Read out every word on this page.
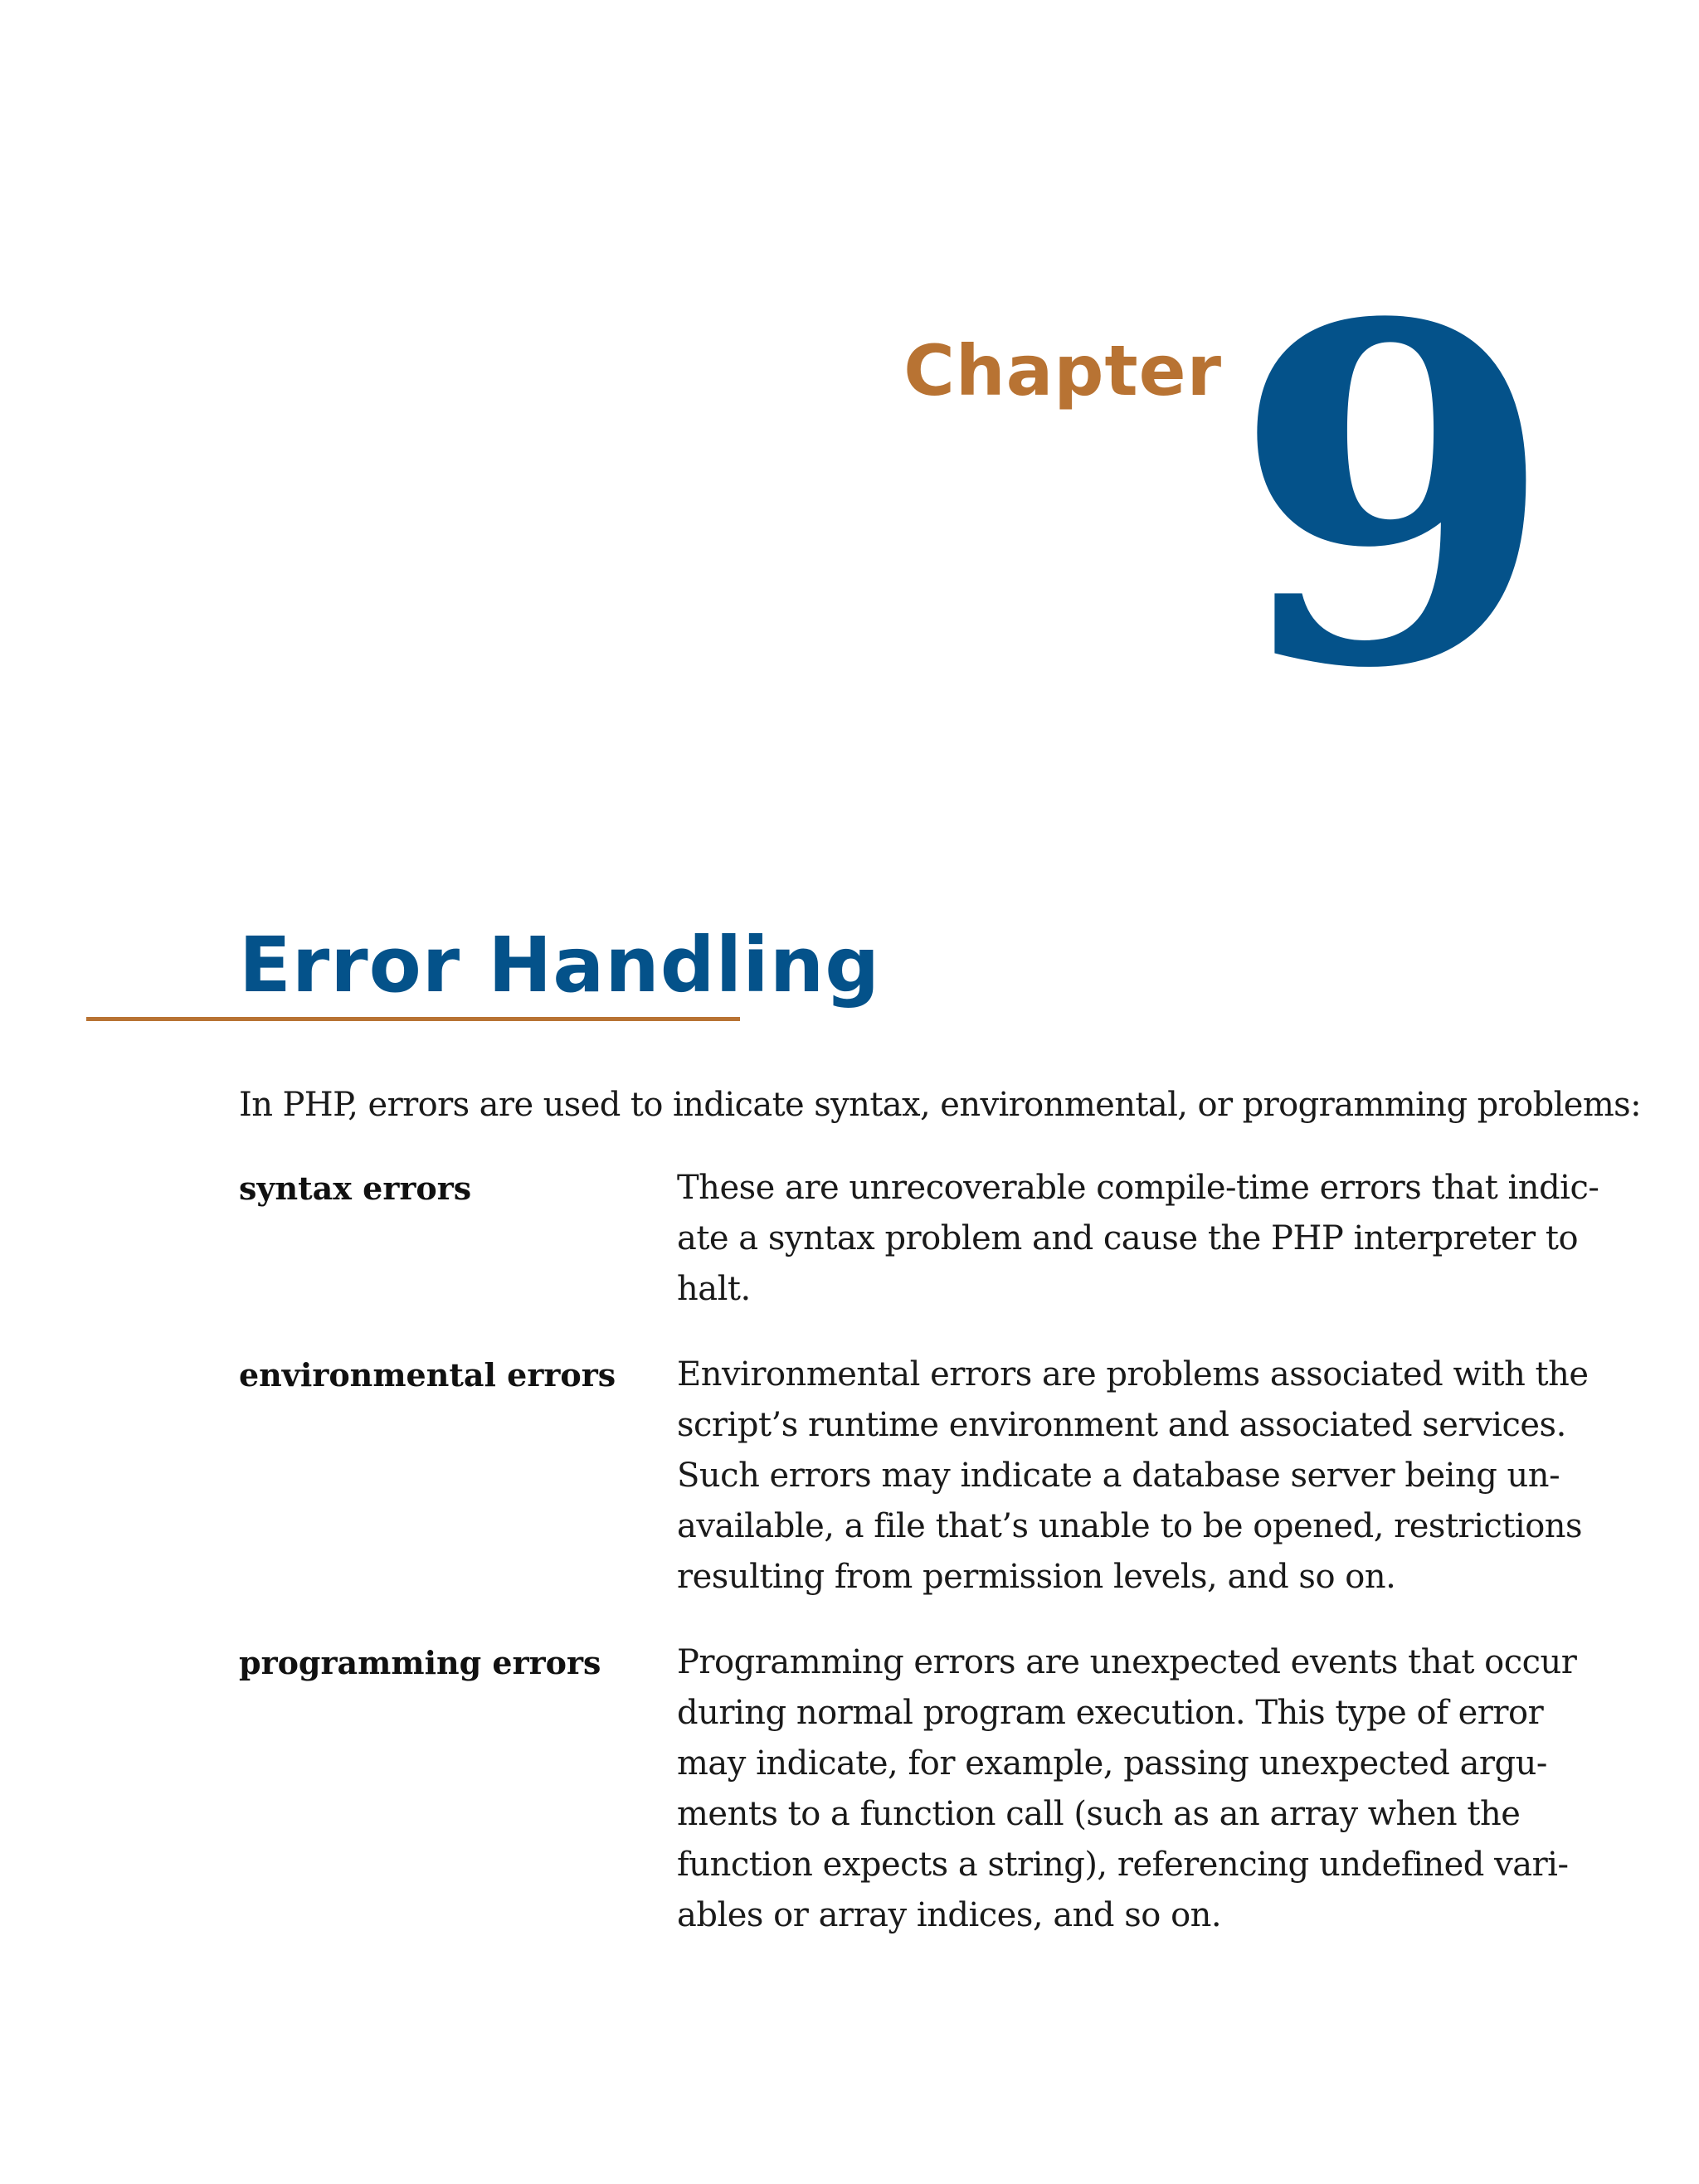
Chapter 9
Error Handling

In PHP, errors are used to indicate syntax, environmental, or programming problems:

syntax errors	These are unrecoverable compile-time errors that indic-
ate a syntax problem and cause the PHP interpreter to
halt.
environmental errors	Environmental errors are problems associated with the
script’s runtime environment and associated services.
Such errors may indicate a database server being un-
available, a file that’s unable to be opened, restrictions
resulting from permission levels, and so on.
programming errors	Programming errors are unexpected events that occur
during normal program execution. This type of error
may indicate, for example, passing unexpected argu-
ments to a function call (such as an array when the
function expects a string), referencing undefined vari-
ables or array indices, and so on.
